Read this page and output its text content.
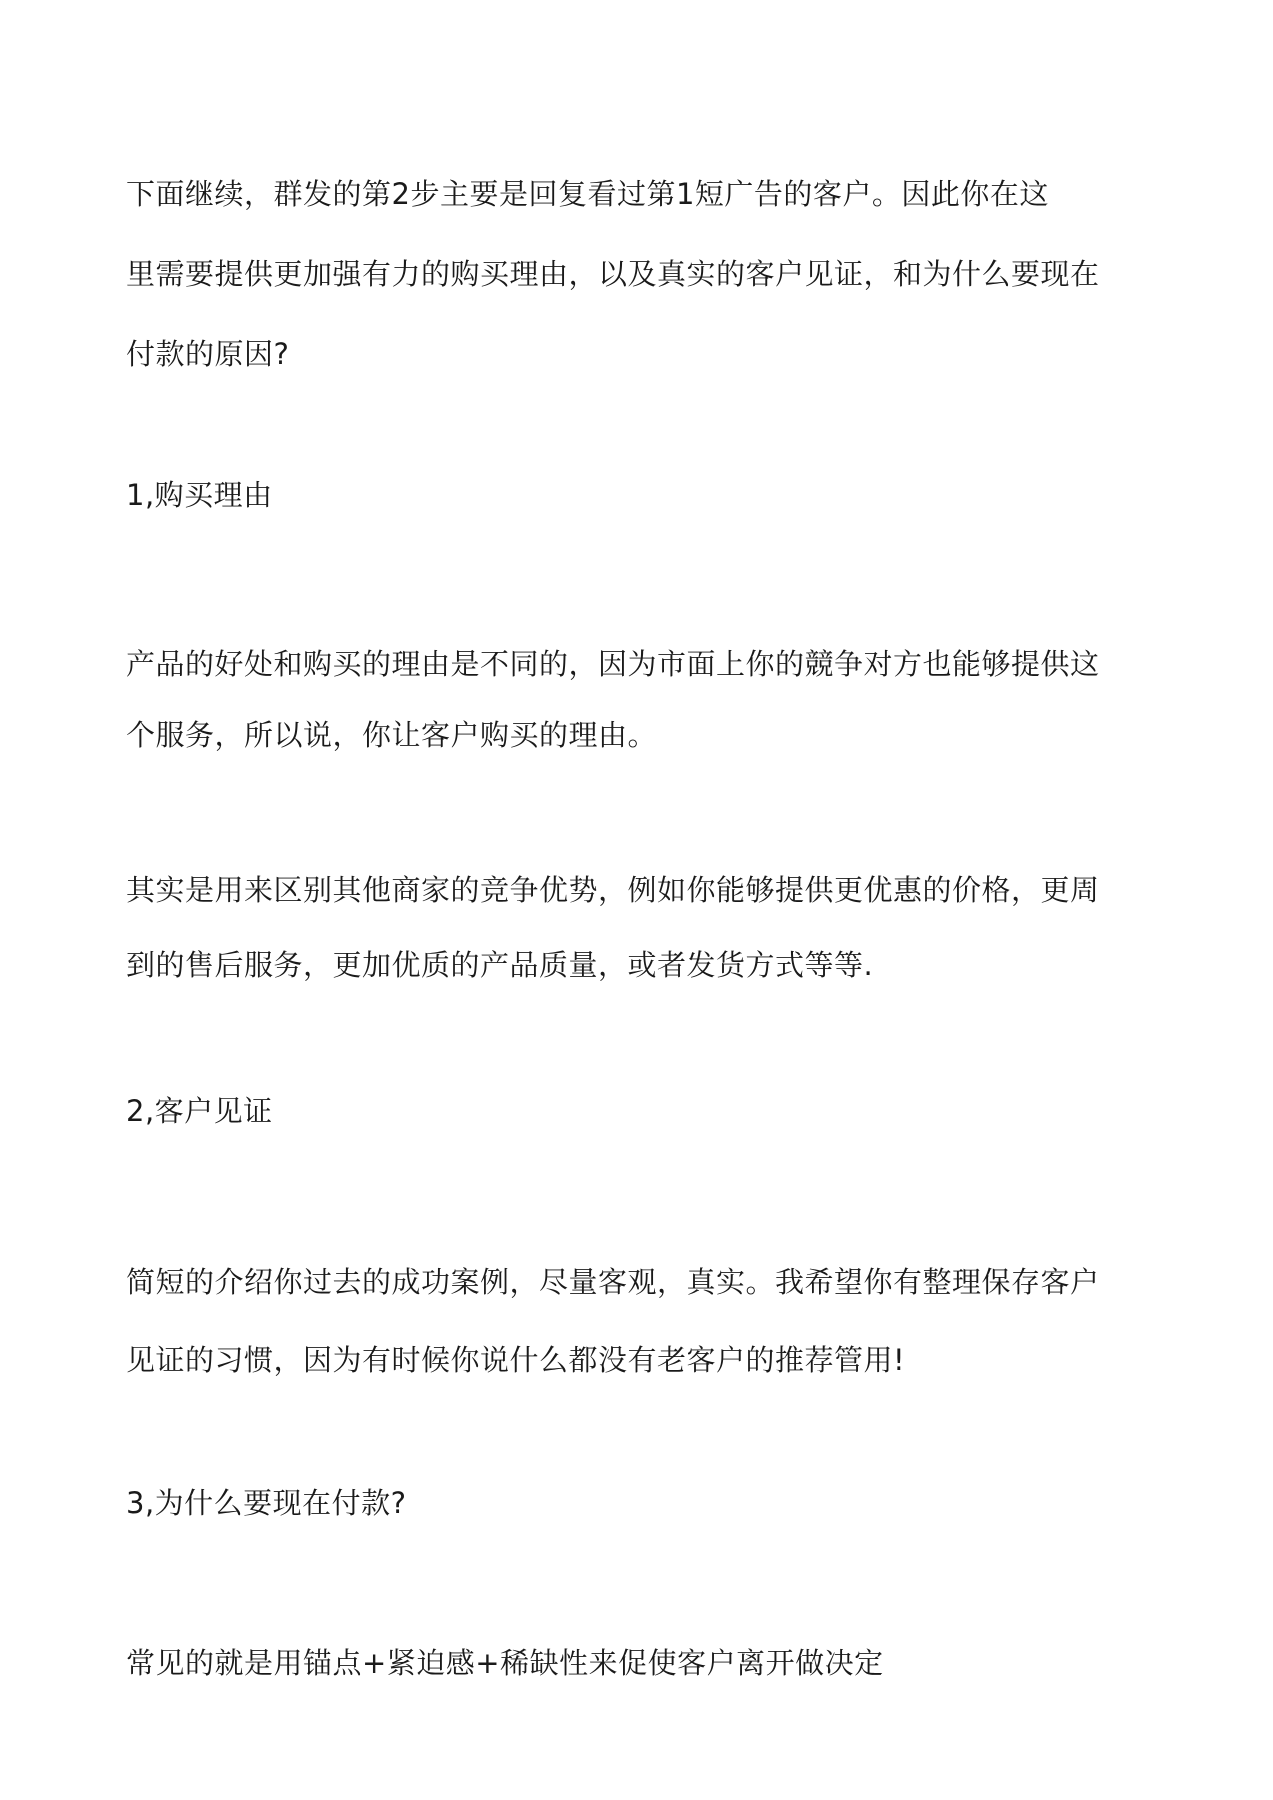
下面继续，群发的第2步主要是回复看过第1短广告的客户。因此你在这

里需要提供更加强有力的购买理由，以及真实的客户见证，和为什么要现在

付款的原因?

1,购买理由

产品的好处和购买的理由是不同的，因为市面上你的競争对方也能够提供这

个服务，所以说，你让客户购买的理由。

其实是用来区别其他商家的竞争优势，例如你能够提供更优惠的价格，更周

到的售后服务，更加优质的产品质量，或者发货方式等等.

2,客户见证

简短的介绍你过去的成功案例，尽量客观，真实。我希望你有整理保存客户

见证的习惯，因为有时候你说什么都没有老客户的推荐管用!

3,为什么要现在付款?

常见的就是用锚点+紧迫感+稀缺性来促使客户离开做决定
